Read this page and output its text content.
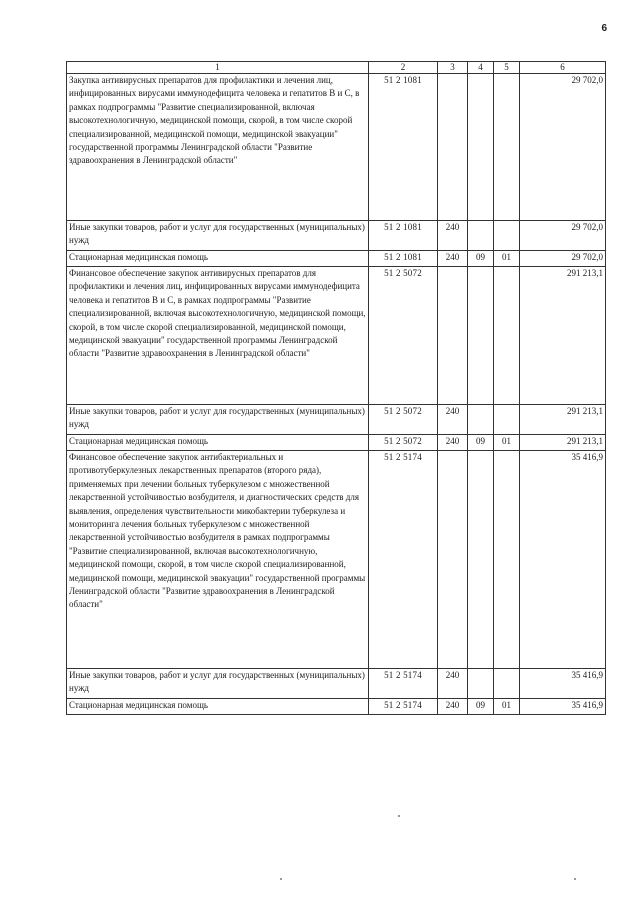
6
1	2	3	4	5	6
Закупка антивирусных препаратов для профилактики и лечения лиц, инфицированных вирусами иммунодефицита человека и гепатитов В и С, в рамках подпрограммы "Развитие специализированной, включая высокотехнологичную, медицинской помощи, скорой, в том числе скорой специализированной, медицинской помощи, медицинской эвакуации" государственной программы Ленинградской области "Развитие здравоохранения в Ленинградской области"	51 2 1081				29 702,0
Иные закупки товаров, работ и услуг для государственных (муниципальных) нужд	51 2 1081	240			29 702,0
Стационарная медицинская помощь	51 2 1081	240	09	01	29 702,0
Финансовое обеспечение закупок антивирусных препаратов для профилактики и лечения лиц, инфицированных вирусами иммунодефицита человека и гепатитов В и С, в рамках подпрограммы "Развитие специализированной, включая высокотехнологичную, медицинской помощи, скорой, в том числе скорой специализированной, медицинской помощи, медицинской эвакуации" государственной программы Ленинградской области "Развитие здравоохранения в Ленинградской области"	51 2 5072				291 213,1
Иные закупки товаров, работ и услуг для государственных (муниципальных) нужд	51 2 5072	240			291 213,1
Стационарная медицинская помощь	51 2 5072	240	09	01	291 213,1
Финансовое обеспечение закупок антибактериальных и противотуберкулезных лекарственных препаратов (второго ряда), применяемых при лечении больных туберкулезом с множественной лекарственной устойчивостью возбудителя, и диагностических средств для выявления, определения чувствительности микобактерии туберкулеза и мониторинга лечения больных туберкулезом с множественной лекарственной устойчивостью возбудителя в рамках подпрограммы "Развитие специализированной, включая высокотехнологичную, медицинской помощи, скорой, в том числе скорой специализированной, медицинской помощи, медицинской эвакуации" государственной программы Ленинградской области "Развитие здравоохранения в Ленинградской области"	51 2 5174				35 416,9
Иные закупки товаров, работ и услуг для государственных (муниципальных) нужд	51 2 5174	240			35 416,9
Стационарная медицинская помощь	51 2 5174	240	09	01	35 416,9
